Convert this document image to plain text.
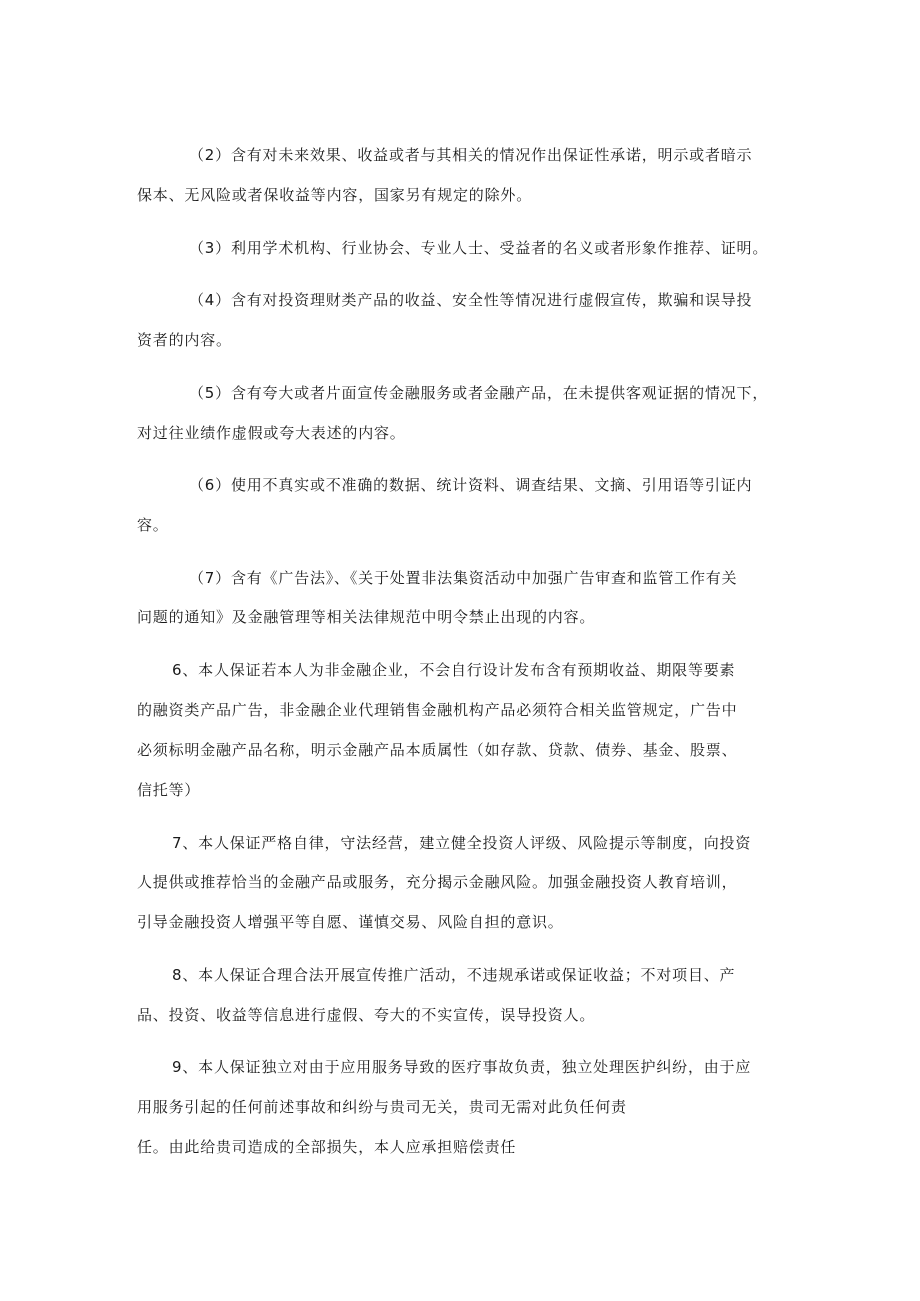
（2）含有对未来效果、收益或者与其相关的情况作出保证性承诺，明示或者暗示
保本、无风险或者保收益等内容，国家另有规定的除外。
（3）利用学术机构、行业协会、专业人士、受益者的名义或者形象作推荐、证明。
（4）含有对投资理财类产品的收益、安全性等情况进行虚假宣传，欺骗和误导投
资者的内容。
（5）含有夸大或者片面宣传金融服务或者金融产品，在未提供客观证据的情况下，
对过往业绩作虚假或夸大表述的内容。
（6）使用不真实或不准确的数据、统计资料、调查结果、文摘、引用语等引证内
容。
（7）含有《广告法》、《关于处置非法集资活动中加强广告审查和监管工作有关
问题的通知》及金融管理等相关法律规范中明令禁止出现的内容。
6、本人保证若本人为非金融企业，不会自行设计发布含有预期收益、期限等要素
的融资类产品广告，非金融企业代理销售金融机构产品必须符合相关监管规定，广告中
必须标明金融产品名称，明示金融产品本质属性（如存款、贷款、债券、基金、股票、
信托等）
7、本人保证严格自律，守法经营，建立健全投资人评级、风险提示等制度，向投资
人提供或推荐恰当的金融产品或服务，充分揭示金融风险。加强金融投资人教育培训，
引导金融投资人增强平等自愿、谨慎交易、风险自担的意识。
8、本人保证合理合法开展宣传推广活动，不违规承诺或保证收益；不对项目、产
品、投资、收益等信息进行虚假、夸大的不实宣传，误导投资人。
9、本人保证独立对由于应用服务导致的医疗事故负责，独立处理医护纠纷，由于应
用服务引起的任何前述事故和纠纷与贵司无关，贵司无需对此负任何责
任。由此给贵司造成的全部损失，本人应承担赔偿责任
